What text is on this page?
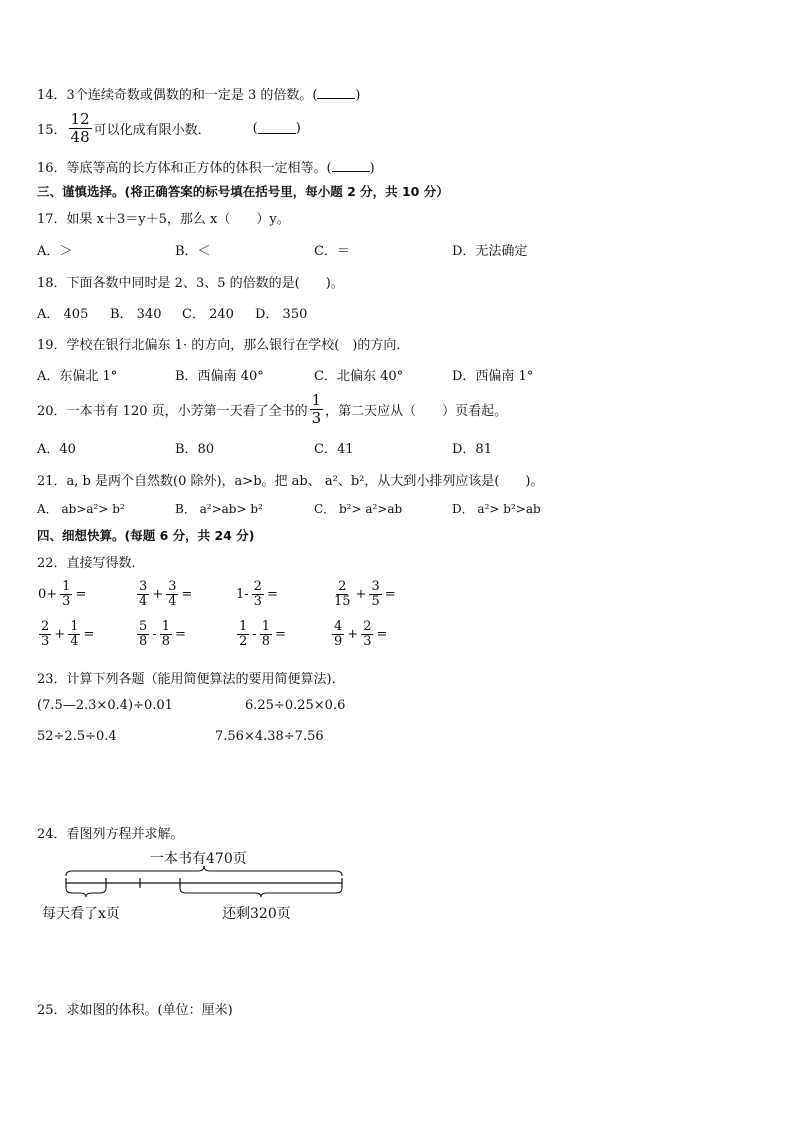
14．3个连续奇数或偶数的和一定是 3 的倍数。(	)
15． $\frac{12}{48}$ 可以化成有限小数．	(	)
16．等底等高的长方体和正方体的体积一定相等。(	)
三、谨慎选择。(将正确答案的标号填在括号里，每小题 2 分，共 10 分）
17．如果 x＋3＝y＋5，那么 x（　　）y。
A．＞	B．＜	C．＝	D．无法确定
18．下面各数中同时是 2、3、5 的倍数的是(　　)。
A． 405 B． 340 C． 240 D． 350
19．学校在银行北偏东 1· 的方向，那么银行在学校(　)的方向．
A．东偏北 1°	B．西偏南 40°	C．北偏东 40°	D．西偏南 1°
20．一本书有 120 页，小芳第一天看了全书的 $\frac{1}{3}$ ，第二天应从（　　）页看起。
A．40	B．80	C．41	D．81
21．a, b 是两个自然数(0 除外)，a>b。把 ab、 a²、b²，从大到小排列应该是(　　)。
A． ab>a²> b²	B． a²>ab> b²	C． b²> a²>ab	D． a²> b²>ab
四、细想快算。(每题 6 分，共 24 分)
22．直接写得数．
$0+ \frac{1}{3}$ =	$\frac{3}{4} + \frac{3}{4}$ =	$1- \frac{2}{3}$ =	$\frac{2}{15} + \frac{3}{5}$ =
$\frac{2}{3} + \frac{1}{4}$ =	$\frac{5}{8} - \frac{1}{8}$ =	$\frac{1}{2} - \frac{1}{8}$ =	$\frac{4}{9} + \frac{2}{3}$ =
23．计算下列各题（能用简便算法的要用简便算法)．
(7.5—2.3×0.4)÷0.01	6.25÷0.25×0.6
52÷2.5÷0.4	7.56×4.38÷7.56
24．看图列方程并求解。
一本书有470页
每天看了x页	还剩320页
25．求如图的体积。(单位：厘米)
